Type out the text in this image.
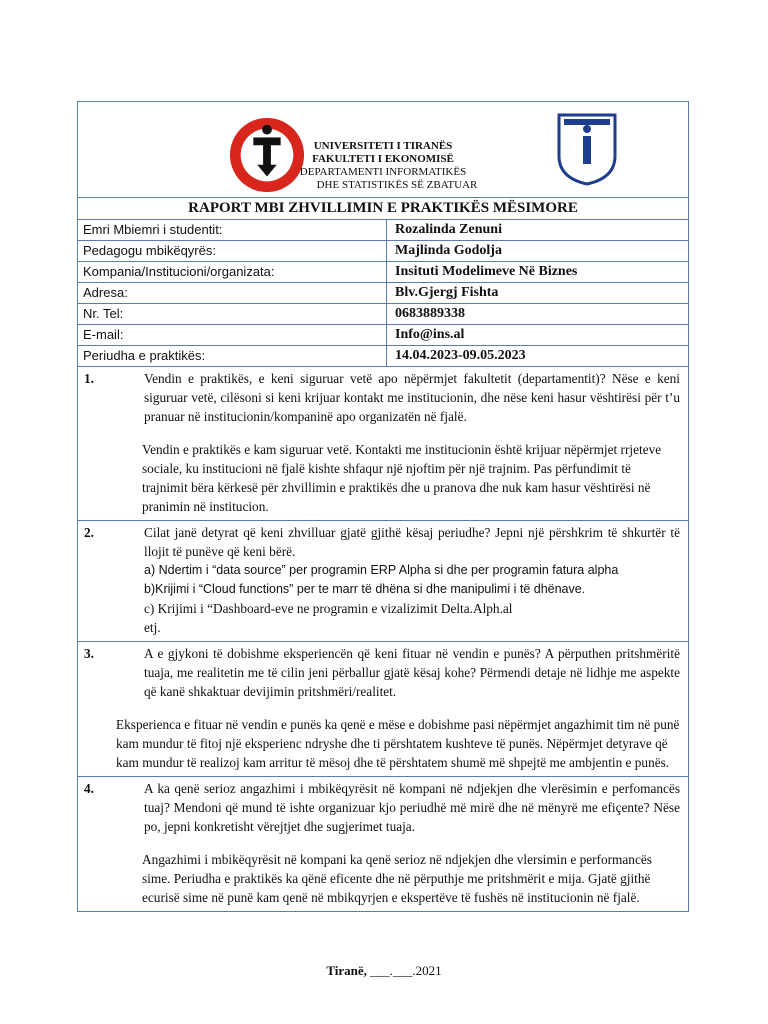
UNIVERSITETI I TIRANËS
FAKULTETI I EKONOMISË
DEPARTAMENTI INFORMATIKËS
DHE STATISTIKËS SË ZBATUAR
RAPORT MBI ZHVILLIMIN E PRAKTIKËS MËSIMORE
Emri Mbiemri i studentit:	Rozalinda Zenuni
Pedagogu mbikëqyrës:	Majlinda Godolja
Kompania/Institucioni/organizata:	Insituti Modelimeve Në Biznes
Adresa:	Blv.Gjergj Fishta
Nr. Tel:	0683889338
E-mail:	Info@ins.al
Periudha e praktikës:	14.04.2023-09.05.2023

1.	Vendin e praktikës, e keni siguruar vetë apo nëpërmjet fakultetit (departamentit)? Nëse e keni siguruar vetë, cilësoni si keni krijuar kontakt me institucionin, dhe nëse keni hasur vështirësi për t’u pranuar në institucionin/kompaninë apo organizatën në fjalë.

Vendin e praktikës e kam siguruar vetë. Kontakti me institucionin është krijuar nëpërmjet rrjeteve sociale, ku institucioni në fjalë kishte shfaqur një njoftim për një trajnim. Pas përfundimit të trajnimit bëra kërkesë për zhvillimin e praktikës dhe u pranova dhe nuk kam hasur vështirësi në pranimin në institucion.

2.	Cilat janë detyrat që keni zhvilluar gjatë gjithë kësaj periudhe? Jepni një përshkrim të shkurtër të llojit të punëve që keni bërë.

a) Ndertim i “data source” per programin ERP Alpha si dhe per programin fatura alpha

b)Krijimi i “Cloud functions” per te marr të dhëna si dhe manipulimi i të dhënave.

c) Krijimi i “Dashboard-eve ne programin e vizalizimit Delta.Alph.al

etj.

3.	A e gjykoni të dobishme eksperiencën që keni fituar në vendin e punës? A përputhen pritshmëritë tuaja, me realitetin me të cilin jeni përballur gjatë kësaj kohe? Përmendi detaje në lidhje me aspekte që kanë shkaktuar devijimin pritshmëri/realitet.

Eksperienca e fituar në vendin e punës ka qenë e mëse e dobishme pasi nëpërmjet angazhimit tim në punë kam mundur të fitoj një eksperienc ndryshe dhe ti përshtatem kushteve të punës. Nëpërmjet detyrave që kam mundur të realizoj kam arritur të mësoj dhe të përshtatem shumë më shpejtë me ambjentin e punës.

4.	A ka qenë serioz angazhimi i mbikëqyrësit në kompani në ndjekjen dhe vlerësimin e perfomancës tuaj? Mendoni që mund të ishte organizuar kjo periudhë më mirë dhe në mënyrë me efiçente? Nëse po, jepni konkretisht vërejtjet dhe sugjerimet tuaja.

Angazhimi i mbikëqyrësit në kompani ka qenë serioz në ndjekjen dhe vlersimin e performancës sime. Periudha e praktikës ka qënë eficente dhe në përputhje me pritshmërit e mija. Gjatë gjithë ecurisë sime në punë kam qenë në mbikqyrjen e ekspertëve të fushës në institucionin në fjalë.

Tiranë, ___.___.2021
